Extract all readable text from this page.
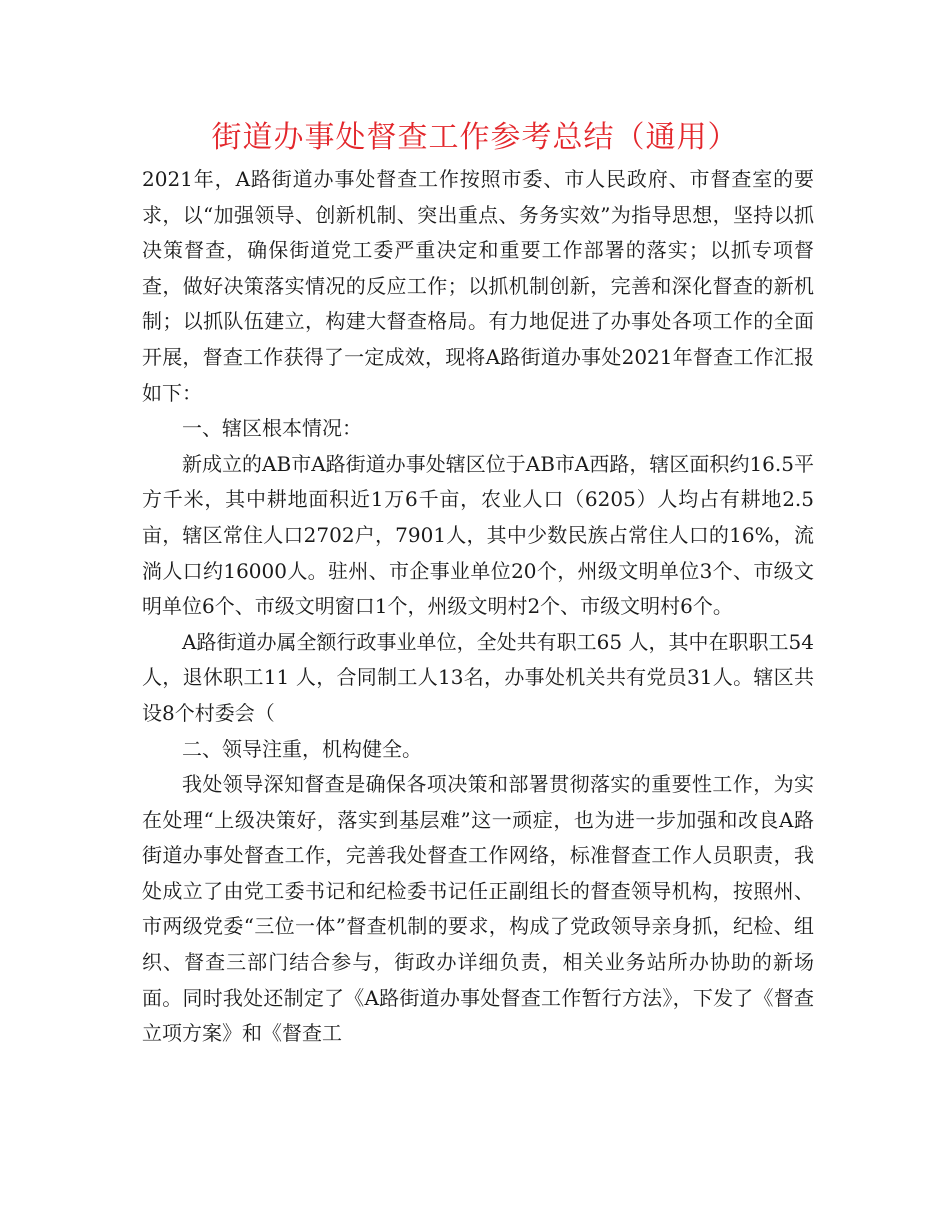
街道办事处督查工作参考总结（通用）

2021年，A路街道办事处督查工作按照市委、市人民政府、市督查室的要求，以“加强领导、创新机制、突出重点、务务实效”为指导思想，坚持以抓决策督查，确保街道党工委严重决定和重要工作部署的落实；以抓专项督查，做好决策落实情况的反应工作；以抓机制创新，完善和深化督查的新机制；以抓队伍建立，构建大督查格局。有力地促进了办事处各项工作的全面开展，督查工作获得了一定成效，现将A路街道办事处2021年督查工作汇报如下：

一、辖区根本情况：

新成立的AB市A路街道办事处辖区位于AB市A西路，辖区面积约16.5平方千米，其中耕地面积近1万6千亩，农业人口（6205）人均占有耕地2.5亩，辖区常住人口2702户，7901人，其中少数民族占常住人口的16%，流淌人口约16000人。驻州、市企事业单位20个，州级文明单位3个、市级文明单位6个、市级文明窗口1个，州级文明村2个、市级文明村6个。

A路街道办属全额行政事业单位，全处共有职工65 人，其中在职职工54 人，退休职工11 人，合同制工人13名，办事处机关共有党员31人。辖区共设8个村委会（

二、领导注重，机构健全。

我处领导深知督查是确保各项决策和部署贯彻落实的重要性工作，为实在处理“上级决策好，落实到基层难”这一顽症，也为进一步加强和改良A路街道办事处督查工作，完善我处督查工作网络，标准督查工作人员职责，我处成立了由党工委书记和纪检委书记任正副组长的督查领导机构，按照州、市两级党委“三位一体”督查机制的要求，构成了党政领导亲身抓，纪检、组织、督查三部门结合参与，街政办详细负责，相关业务站所办协助的新场面。同时我处还制定了《A路街道办事处督查工作暂行方法》，下发了《督查立项方案》和《督查工
